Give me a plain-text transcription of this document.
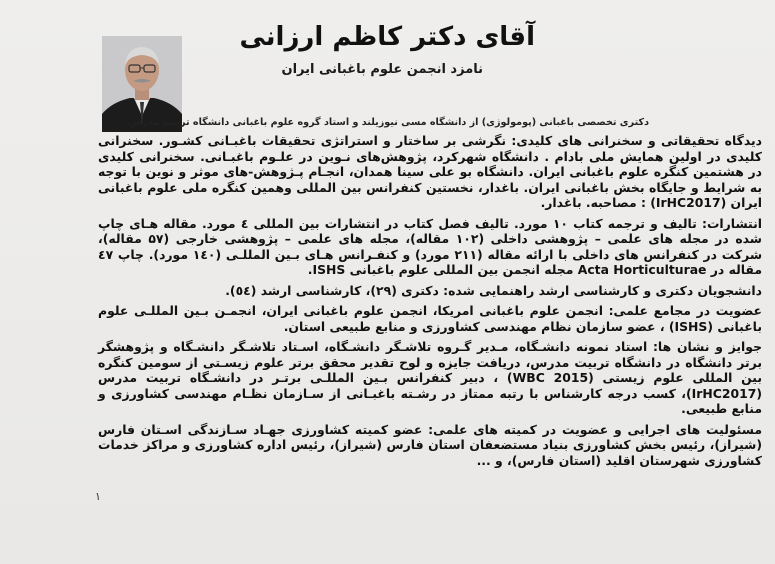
آقای دکتر کاظم ارزانی
نامزد انجمن علوم باغبانی ایران
دکتری تخصصی باغبانی (پومولوژی) از دانشگاه مسی نیوزیلند و استاد گروه علوم باغبانی دانشگاه تربیت مدرس

دیدگاه تحقیقاتی و سخنرانی های کلیدی: نگرشی بر ساختار و استراتژی تحقیقات باغبـانی کشـور. سخنرانی کلیدی در اولین همایش ملی بادام . دانشگاه شهرکرد، پژوهش‌های نـوین در علـوم باغبـانی. سخنرانی کلیدی در هشتمین کنگره علوم باغبانی ایران. دانشگاه بو علی سینا همدان، انجـام پـژوهش-های موثر و نوین با توجه به شرایط و جایگاه بخش باغبانی ایران. باغدار، نخستین کنفرانس بین المللی وهمین کنگره ملی علوم باغبانی ایران (IrHC2017) : مصاحبه. باغدار.

انتشارات: تالیف و ترجمه کتاب ۱۰ مورد. تالیف فصل کتاب در انتشارات بین المللی ٤ مورد. مقاله هـای چاپ شده در مجله های علمی – پژوهشی داخلی (۱۰۲ مقاله)، مجله های علمی – پژوهشی خارجی (۵۷ مقاله)، شرکت در کنفرانس های داخلی با ارائه مقاله (۲۱۱ مورد) و کنفـرانس هـای بـین المللـی (۱٤۰ مورد). چاپ ٤۷ مقاله در Acta Horticulturae مجله انجمن بین المللی علوم باغبانی ISHS.

دانشجویان دکتری و کارشناسی ارشد راهنمایی شده: دکتری (۲۹)، کارشناسی ارشد (٥٤).

عضویت در مجامع علمی: انجمن علوم باغبانی امریکا، انجمن علوم باغبانی ایران، انجمـن بـین المللـی علوم باغبانی (ISHS) ، عضو سازمان نظام مهندسی کشاورزی و منابع طبیعی استان.

جوایز و نشان ها: استاد نمونه دانشـگاه، مـدیر گـروه تلاشـگر دانشـگاه، اسـتاد تلاشـگر دانشـگاه و پژوهشگر برتر دانشگاه در دانشگاه تربیت مدرس، دریافت جایزه و لوح تقدیر محقق برتر علوم زیسـتی از سومین کنگره بین المللی علوم زیستی (WBC 2015) ، دبیر کنفرانس بـین المللـی برتـر در دانشـگاه تربیت مدرس (IrHC2017)، کسب درجه کارشناس با رتبه ممتاز در رشـته باغبـانی از سـازمان نظـام مهندسی کشاورزی و منابع طبیعی.

مسئولیت های اجرایی و عضویت در کمیته های علمی: عضو کمیته کشاورزی جهـاد سـازندگی اسـتان فارس (شیراز)، رئیس بخش کشاورزی بنیاد مستضعفان استان فارس (شیراز)، رئیس اداره کشاورزی و مراکز خدمات کشاورزی شهرستان اقلید (استان فارس)، و ...

۱
